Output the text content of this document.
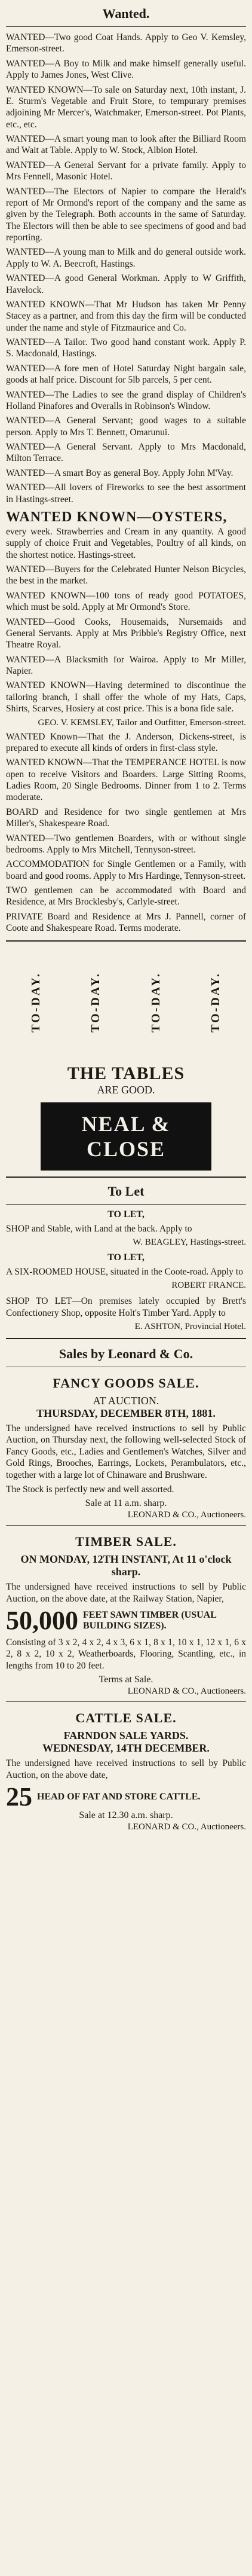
Wanted.
WANTED—Two good Coat Hands. Apply to Geo V. Kemsley, Emerson-street.
WANTED—A Boy to Milk and make himself generally useful. Apply to James Jones, West Clive.
WANTED KNOWN—To sale on Saturday next, 10th instant, J. E. Sturm's Vegetable and Fruit Store, to tempurary premises adjoining Mr Mercer's, Watchmaker, Emerson-street. Pot Plants, etc., etc.
WANTED—A smart young man to look after the Billiard Room and Wait at Table. Apply to W. Stock, Albion Hotel.
WANTED—A General Servant for a private family. Apply to Mrs Fennell, Masonic Hotel.
WANTED—The Electors of Napier to compare the Herald's report of Mr Ormond's report of the company and the same as given by the Telegraph. Both accounts in the same of Saturday. The Electors will then be able to see specimens of good and bad reporting.
WANTED—A young man to Milk and do general outside work. Apply to W. A. Beecroft, Hastings.
WANTED—A good General Workman. Apply to W Griffith, Havelock.
WANTED KNOWN—That Mr Hudson has taken Mr Penny Stacey as a partner, and from this day the firm will be conducted under the name and style of Fitzmaurice and Co.
WANTED—A Tailor. Two good hand constant work. Apply P. S. Macdonald, Hastings.
WANTED—A fore men of Hotel Saturday Night bargain sale, goods at half price. Discount for 5lb parcels, 5 per cent.
WANTED—The Ladies to see the grand display of Children's Holland Pinafores and Overalls in Robinson's Window.
WANTED—A General Servant; good wages to a suitable person. Apply to Mrs T. Bennett, Omarunui.
WANTED—A General Servant. Apply to Mrs Macdonald, Milton Terrace.
WANTED—A smart Boy as general Boy. Apply John M'Vay.
WANTED—All lovers of Fireworks to see the best assortment in Hastings-street.
WANTED KNOWN—OYSTERS,
every week. Strawberries and Cream in any quantity. A good supply of choice Fruit and Vegetables, Poultry of all kinds, on the shortest notice. Hastings-street.
WANTED—Buyers for the Celebrated Hunter Nelson Bicycles, the best in the market.
WANTED KNOWN—100 tons of ready good POTATOES, which must be sold. Apply at Mr Ormond's Store.
WANTED—Good Cooks, Housemaids, Nursemaids and General Servants. Apply at Mrs Pribble's Registry Office, next Theatre Royal.
WANTED—A Blacksmith for Wairoa. Apply to Mr Miller, Napier.
WANTED KNOWN—Having determined to discontinue the tailoring branch, I shall offer the whole of my Hats, Caps, Shirts, Scarves, Hosiery at cost price. This is a bona fide sale.
GEO. V. KEMSLEY, Tailor and Outfitter, Emerson-street.
WANTED Known—That the J. Anderson, Dickens-street, is prepared to execute all kinds of orders in first-class style.
WANTED KNOWN—That the TEMPERANCE HOTEL is now open to receive Visitors and Boarders. Large Sitting Rooms, Ladies Room, 20 Single Bedrooms. Dinner from 1 to 2. Terms moderate.
BOARD and Residence for two single gentlemen at Mrs Miller's, Shakespeare Road.
WANTED—Two gentlemen Boarders, with or without single bedrooms. Apply to Mrs Mitchell, Tennyson-street.
ACCOMMODATION for Single Gentlemen or a Family, with board and good rooms. Apply to Mrs Hardinge, Tennyson-street.
TWO gentlemen can be accommodated with Board and Residence, at Mrs Brocklesby's, Carlyle-street.
PRIVATE Board and Residence at Mrs J. Pannell, corner of Coote and Shakespeare Road. Terms moderate.
TO-DAY.	TO-DAY.	TO-DAY.	TO-DAY.
THE TABLES
ARE GOOD.
NEAL & CLOSE
To Let
TO LET,
SHOP and Stable, with Land at the back. Apply to
W. BEAGLEY, Hastings-street.
TO LET,
A SIX-ROOMED HOUSE, situated in the Coote-road. Apply to
ROBERT FRANCE.
SHOP TO LET—On premises lately occupied by Brett's Confectionery Shop, opposite Holt's Timber Yard. Apply to
E. ASHTON, Provincial Hotel.
Sales by Leonard & Co.
FANCY GOODS SALE.
AT AUCTION.
THURSDAY, DECEMBER 8TH, 1881.
The undersigned have received instructions to sell by Public Auction, on Thursday next, the following well-selected Stock of Fancy Goods, etc., Ladies and Gentlemen's Watches, Silver and Gold Rings, Brooches, Earrings, Lockets, Perambulators, etc., together with a large lot of Chinaware and Brushware.
The Stock is perfectly new and well assorted.
Sale at 11 a.m. sharp.
LEONARD & CO., Auctioneers.
TIMBER SALE.
ON MONDAY, 12TH INSTANT, At 11 o'clock sharp.
The undersigned have received instructions to sell by Public Auction, on the above date, at the Railway Station, Napier,
50,000 FEET SAWN TIMBER (USUAL BUILDING SIZES).
Consisting of 3 x 2, 4 x 2, 4 x 3, 6 x 1, 8 x 1, 10 x 1, 12 x 1, 6 x 2, 8 x 2, 10 x 2, Weatherboards, Flooring, Scantling, etc., in lengths from 10 to 20 feet.
Terms at Sale.
LEONARD & CO., Auctioneers.
CATTLE SALE.
FARNDON SALE YARDS.
WEDNESDAY, 14TH DECEMBER.
The undersigned have received instructions to sell by Public Auction, on the above date,
25 HEAD OF FAT AND STORE CATTLE.
Sale at 12.30 a.m. sharp.
LEONARD & CO., Auctioneers.
